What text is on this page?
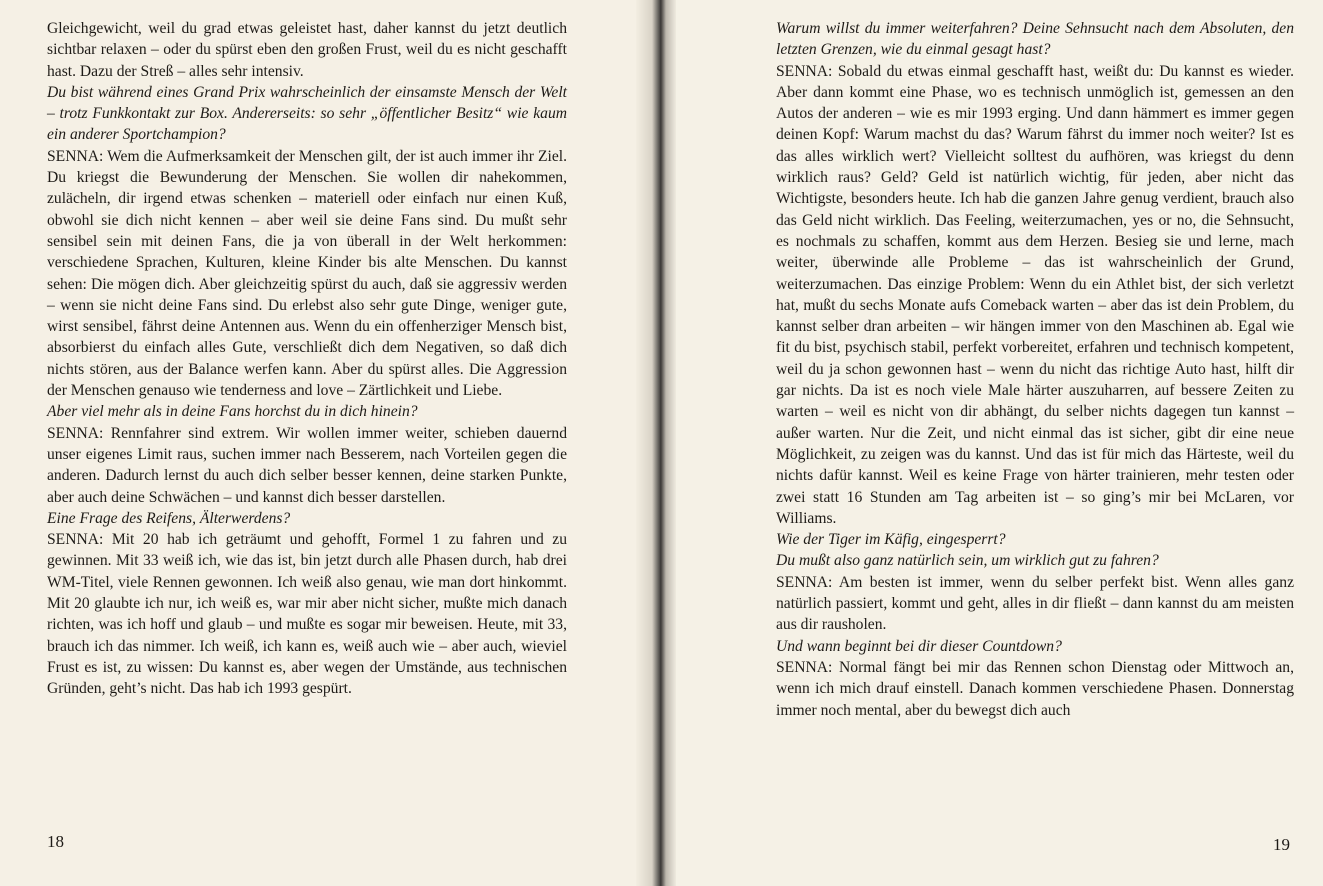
Gleichgewicht, weil du grad etwas geleistet hast, daher kannst du jetzt deutlich sichtbar relaxen – oder du spürst eben den großen Frust, weil du es nicht geschafft hast. Dazu der Streß – alles sehr intensiv.

Du bist während eines Grand Prix wahrscheinlich der einsamste Mensch der Welt – trotz Funkkontakt zur Box. Andererseits: so sehr „öffentlicher Besitz“ wie kaum ein anderer Sportchampion?

SENNA: Wem die Aufmerksamkeit der Menschen gilt, der ist auch immer ihr Ziel. Du kriegst die Bewunderung der Menschen. Sie wollen dir nahekommen, zulächeln, dir irgend etwas schenken – materiell oder einfach nur einen Kuß, obwohl sie dich nicht kennen – aber weil sie deine Fans sind. Du mußt sehr sensibel sein mit deinen Fans, die ja von überall in der Welt herkommen: verschiedene Sprachen, Kulturen, kleine Kinder bis alte Menschen. Du kannst sehen: Die mögen dich. Aber gleichzeitig spürst du auch, daß sie aggressiv werden – wenn sie nicht deine Fans sind. Du erlebst also sehr gute Dinge, weniger gute, wirst sensibel, fährst deine Antennen aus. Wenn du ein offenherziger Mensch bist, absorbierst du einfach alles Gute, verschließt dich dem Negativen, so daß dich nichts stören, aus der Balance werfen kann. Aber du spürst alles. Die Aggression der Menschen genauso wie tenderness and love – Zärtlichkeit und Liebe.

Aber viel mehr als in deine Fans horchst du in dich hinein?

SENNA: Rennfahrer sind extrem. Wir wollen immer weiter, schieben dauernd unser eigenes Limit raus, suchen immer nach Besserem, nach Vorteilen gegen die anderen. Dadurch lernst du auch dich selber besser kennen, deine starken Punkte, aber auch deine Schwächen – und kannst dich besser darstellen.

Eine Frage des Reifens, Älterwerdens?

SENNA: Mit 20 hab ich geträumt und gehofft, Formel 1 zu fahren und zu gewinnen. Mit 33 weiß ich, wie das ist, bin jetzt durch alle Phasen durch, hab drei WM-Titel, viele Rennen gewonnen. Ich weiß also genau, wie man dort hinkommt. Mit 20 glaubte ich nur, ich weiß es, war mir aber nicht sicher, mußte mich danach richten, was ich hoff und glaub – und mußte es sogar mir beweisen. Heute, mit 33, brauch ich das nimmer. Ich weiß, ich kann es, weiß auch wie – aber auch, wieviel Frust es ist, zu wissen: Du kannst es, aber wegen der Umstände, aus technischen Gründen, geht’s nicht. Das hab ich 1993 gespürt.

18

Warum willst du immer weiterfahren? Deine Sehnsucht nach dem Absoluten, den letzten Grenzen, wie du einmal gesagt hast?

SENNA: Sobald du etwas einmal geschafft hast, weißt du: Du kannst es wieder. Aber dann kommt eine Phase, wo es technisch unmöglich ist, gemessen an den Autos der anderen – wie es mir 1993 erging. Und dann hämmert es immer gegen deinen Kopf: Warum machst du das? Warum fährst du immer noch weiter? Ist es das alles wirklich wert? Vielleicht solltest du aufhören, was kriegst du denn wirklich raus? Geld? Geld ist natürlich wichtig, für jeden, aber nicht das Wichtigste, besonders heute. Ich hab die ganzen Jahre genug verdient, brauch also das Geld nicht wirklich. Das Feeling, weiterzumachen, yes or no, die Sehnsucht, es nochmals zu schaffen, kommt aus dem Herzen. Besieg sie und lerne, mach weiter, überwinde alle Probleme – das ist wahrscheinlich der Grund, weiterzumachen. Das einzige Problem: Wenn du ein Athlet bist, der sich verletzt hat, mußt du sechs Monate aufs Comeback warten – aber das ist dein Problem, du kannst selber dran arbeiten – wir hängen immer von den Maschinen ab. Egal wie fit du bist, psychisch stabil, perfekt vorbereitet, erfahren und technisch kompetent, weil du ja schon gewonnen hast – wenn du nicht das richtige Auto hast, hilft dir gar nichts. Da ist es noch viele Male härter auszuharren, auf bessere Zeiten zu warten – weil es nicht von dir abhängt, du selber nichts dagegen tun kannst – außer warten. Nur die Zeit, und nicht einmal das ist sicher, gibt dir eine neue Möglichkeit, zu zeigen was du kannst. Und das ist für mich das Härteste, weil du nichts dafür kannst. Weil es keine Frage von härter trainieren, mehr testen oder zwei statt 16 Stunden am Tag arbeiten ist – so ging’s mir bei McLaren, vor Williams.

Wie der Tiger im Käfig, eingesperrt?

Du mußt also ganz natürlich sein, um wirklich gut zu fahren?

SENNA: Am besten ist immer, wenn du selber perfekt bist. Wenn alles ganz natürlich passiert, kommt und geht, alles in dir fließt – dann kannst du am meisten aus dir rausholen.

Und wann beginnt bei dir dieser Countdown?

SENNA: Normal fängt bei mir das Rennen schon Dienstag oder Mittwoch an, wenn ich mich drauf einstell. Danach kommen verschiedene Phasen. Donnerstag immer noch mental, aber du bewegst dich auch

19
